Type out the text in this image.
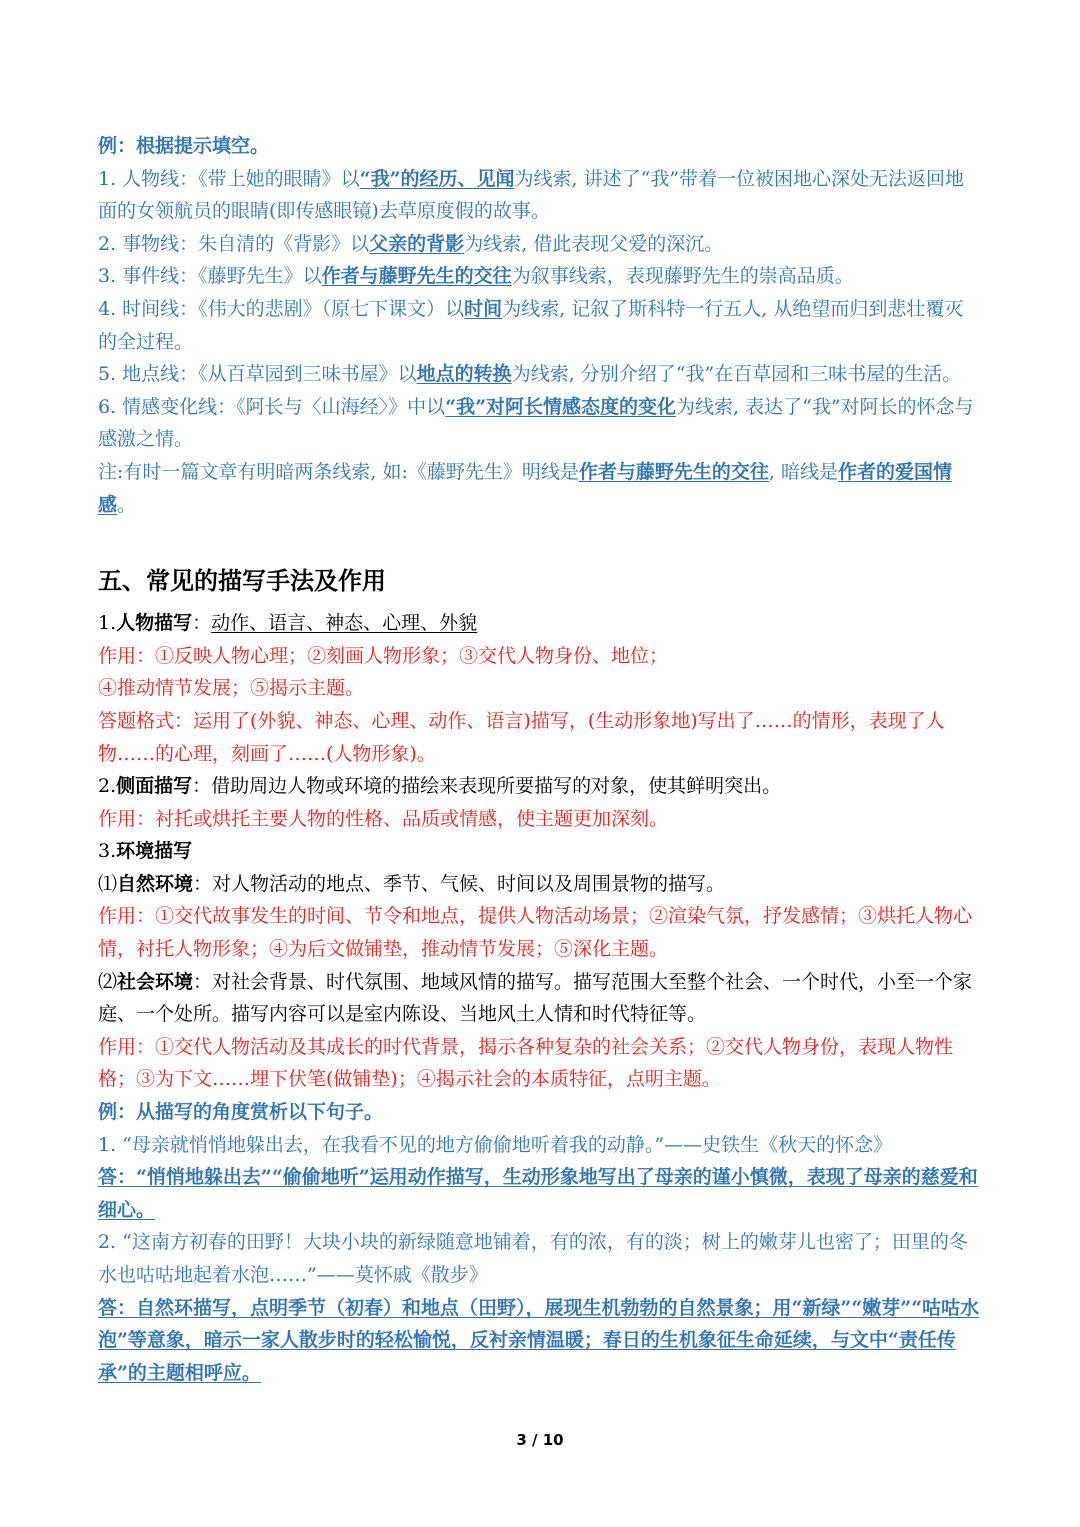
例：根据提示填空。

1. 人物线：《带上她的眼睛》以“我”的经历、见闻为线索, 讲述了“我”带着一位被困地心深处无法返回地面的女领航员的眼睛(即传感眼镜)去草原度假的故事。

2. 事物线：朱自清的《背影》以父亲的背影为线索, 借此表现父爱的深沉。

3. 事件线：《藤野先生》以作者与藤野先生的交往为叙事线索，表现藤野先生的崇高品质。

4. 时间线：《伟大的悲剧》（原七下课文）以时间为线索, 记叙了斯科特一行五人, 从绝望而归到悲壮覆灭的全过程。

5. 地点线：《从百草园到三味书屋》以地点的转换为线索, 分别介绍了“我”在百草园和三味书屋的生活。

6. 情感变化线：《阿长与〈山海经〉》中以“我”对阿长情感态度的变化为线索, 表达了“我”对阿长的怀念与感激之情。

注:有时一篇文章有明暗两条线索, 如:《藤野先生》明线是作者与藤野先生的交往, 暗线是作者的爱国情感。

五、常见的描写手法及作用

1.人物描写：动作、语言、神态、心理、外貌

作用：①反映人物心理；②刻画人物形象；③交代人物身份、地位；

④推动情节发展；⑤揭示主题。

答题格式：运用了(外貌、神态、心理、动作、语言)描写，(生动形象地)写出了……的情形，表现了人物……的心理，刻画了……(人物形象)。

2.侧面描写：借助周边人物或环境的描绘来表现所要描写的对象，使其鲜明突出。

作用：衬托或烘托主要人物的性格、品质或情感，使主题更加深刻。

3.环境描写

⑴自然环境：对人物活动的地点、季节、气候、时间以及周围景物的描写。

作用：①交代故事发生的时间、节令和地点，提供人物活动场景；②渲染气氛，抒发感情；③烘托人物心情，衬托人物形象；④为后文做铺垫，推动情节发展；⑤深化主题。

⑵社会环境：对社会背景、时代氛围、地域风情的描写。描写范围大至整个社会、一个时代，小至一个家庭、一个处所。描写内容可以是室内陈设、当地风土人情和时代特征等。

作用：①交代人物活动及其成长的时代背景，揭示各种复杂的社会关系；②交代人物身份，表现人物性格；③为下文……埋下伏笔(做铺垫)；④揭示社会的本质特征，点明主题。

例：从描写的角度赏析以下句子。

1. “母亲就悄悄地躲出去，在我看不见的地方偷偷地听着我的动静。”——史铁生《秋天的怀念》

答：“悄悄地躲出去”“偷偷地听”运用动作描写，生动形象地写出了母亲的谨小慎微，表现了母亲的慈爱和细心。

2. “这南方初春的田野！大块小块的新绿随意地铺着，有的浓，有的淡；树上的嫩芽儿也密了；田里的冬水也咕咕地起着水泡……”——莫怀戚《散步》

答：自然环描写，点明季节（初春）和地点（田野），展现生机勃勃的自然景象；用“新绿”“嫩芽”“咕咕水泡”等意象，暗示一家人散步时的轻松愉悦，反衬亲情温暖；春日的生机象征生命延续，与文中“责任传承”的主题相呼应。

3 / 10
